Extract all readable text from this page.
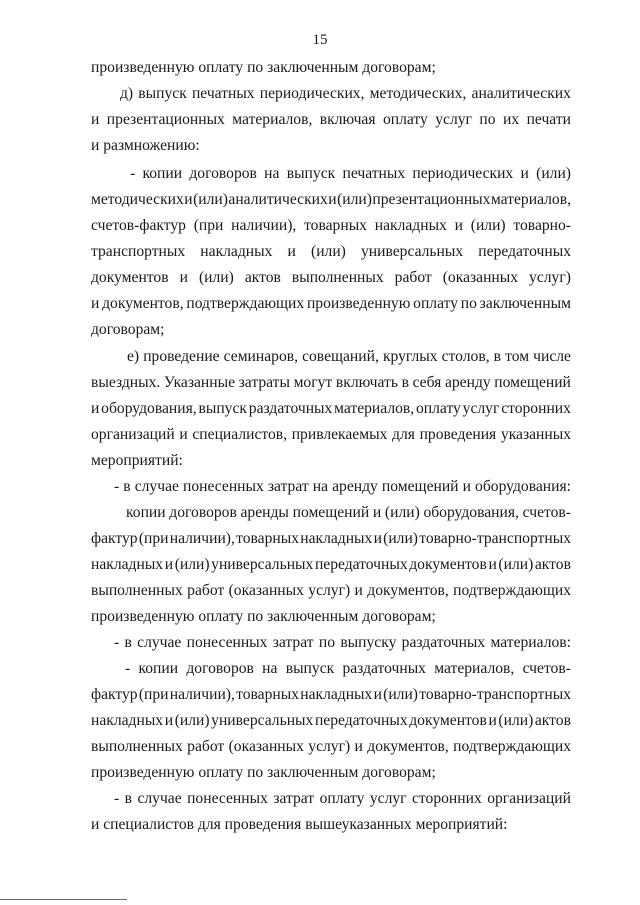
15
произведенную оплату по заключенным договорам;
д) выпуск печатных периодических, методических, аналитических
и презентационных материалов, включая оплату услуг по их печати
и размножению:
- копии договоров на выпуск печатных периодических и (или)
методических и (или) аналитических и (или) презентационных материалов,
счетов-фактур (при наличии), товарных накладных и (или) товарно-
транспортных накладных и (или) универсальных передаточных
документов и (или) актов выполненных работ (оказанных услуг)
и документов, подтверждающих произведенную оплату по заключенным
договорам;
е) проведение семинаров, совещаний, круглых столов, в том числе
выездных. Указанные затраты могут включать в себя аренду помещений
и оборудования, выпуск раздаточных материалов, оплату услуг сторонних
организаций и специалистов, привлекаемых для проведения указанных
мероприятий:
- в случае понесенных затрат на аренду помещений и оборудования:
копии договоров аренды помещений и (или) оборудования, счетов-
фактур (при наличии), товарных накладных и (или) товарно-транспортных
накладных и (или) универсальных передаточных документов и (или) актов
выполненных работ (оказанных услуг) и документов, подтверждающих
произведенную оплату по заключенным договорам;
- в случае понесенных затрат по выпуску раздаточных материалов:
- копии договоров на выпуск раздаточных материалов, счетов-
фактур (при наличии), товарных накладных и (или) товарно-транспортных
накладных и (или) универсальных передаточных документов и (или) актов
выполненных работ (оказанных услуг) и документов, подтверждающих
произведенную оплату по заключенным договорам;
- в случае понесенных затрат оплату услуг сторонних организаций
и специалистов для проведения вышеуказанных мероприятий:
